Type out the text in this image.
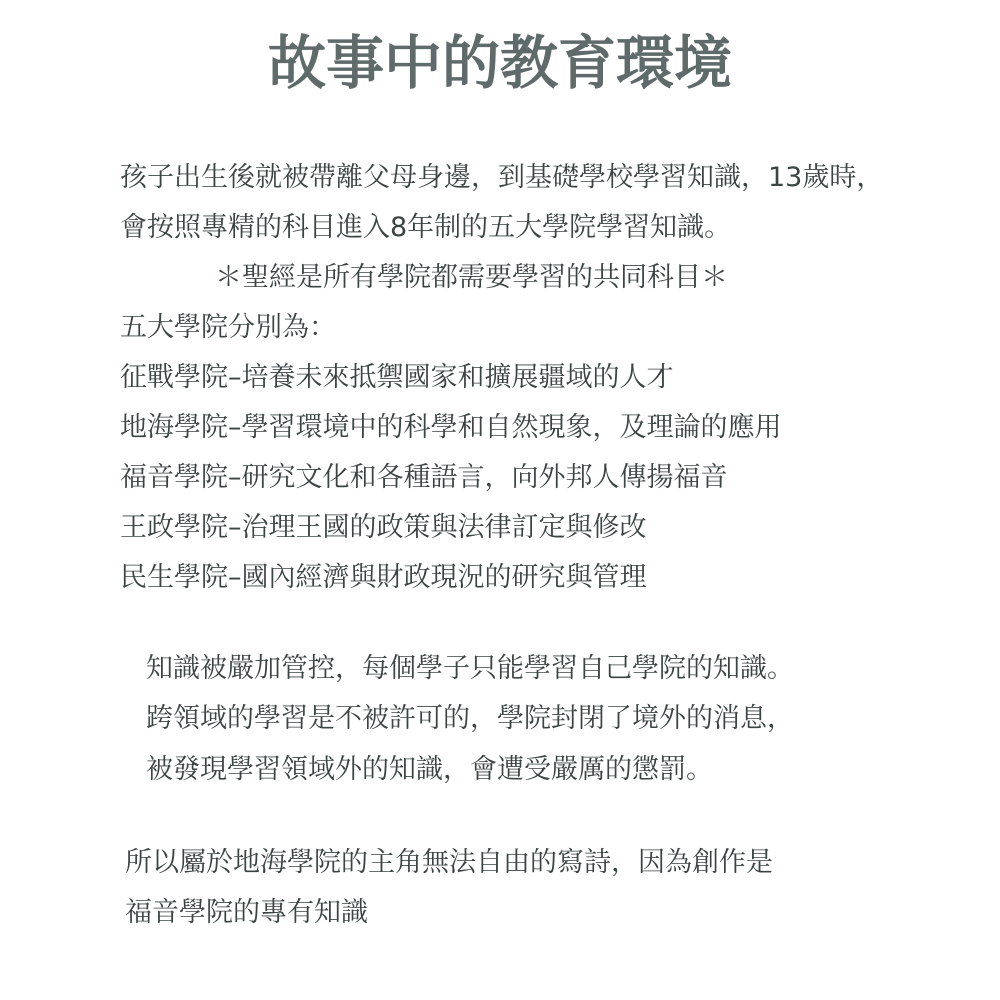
故事中的教育環境

孩子出生後就被帶離父母身邊，到基礎學校學習知識，13歲時，

會按照專精的科目進入8年制的五大學院學習知識。

＊聖經是所有學院都需要學習的共同科目＊

五大學院分別為：

征戰學院–培養未來抵禦國家和擴展疆域的人才

地海學院–學習環境中的科學和自然現象，及理論的應用

福音學院–研究文化和各種語言，向外邦人傳揚福音

王政學院–治理王國的政策與法律訂定與修改

民生學院–國內經濟與財政現況的研究與管理

知識被嚴加管控，每個學子只能學習自己學院的知識。

跨領域的學習是不被許可的，學院封閉了境外的消息，

被發現學習領域外的知識，會遭受嚴厲的懲罰。

所以屬於地海學院的主角無法自由的寫詩，因為創作是

福音學院的專有知識
